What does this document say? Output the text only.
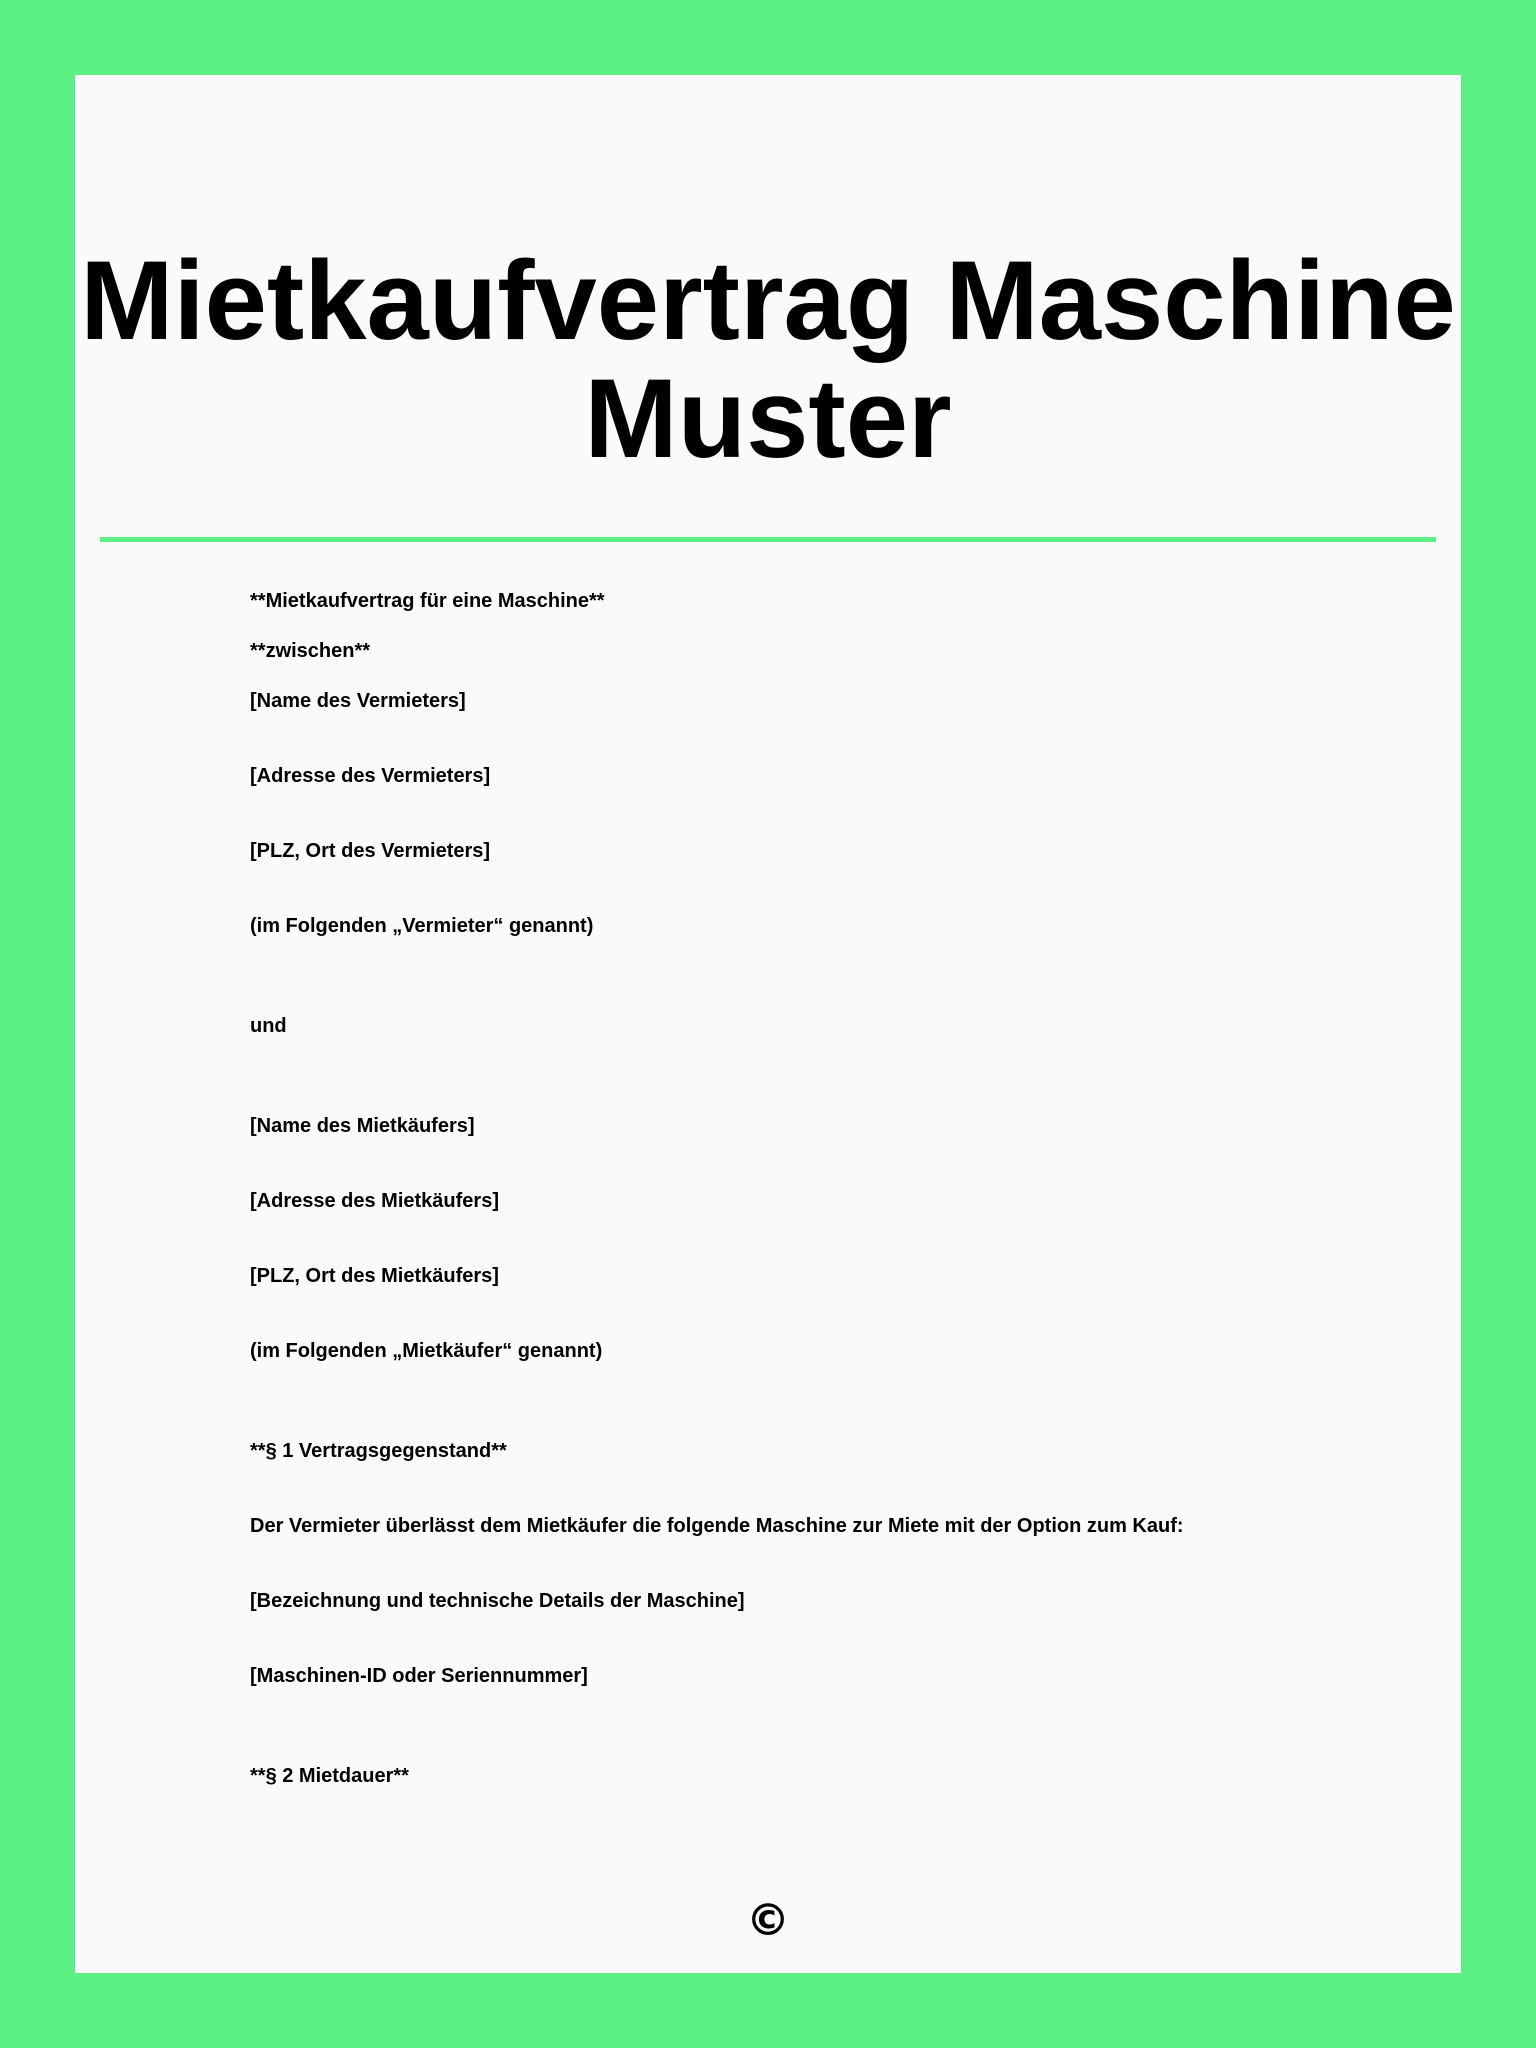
Mietkaufvertrag Maschine
Muster

**Mietkaufvertrag für eine Maschine**

**zwischen**

[Name des Vermieters]

[Adresse des Vermieters]

[PLZ, Ort des Vermieters]

(im Folgenden „Vermieter“ genannt)

und

[Name des Mietkäufers]

[Adresse des Mietkäufers]

[PLZ, Ort des Mietkäufers]

(im Folgenden „Mietkäufer“ genannt)

**§ 1 Vertragsgegenstand**

Der Vermieter überlässt dem Mietkäufer die folgende Maschine zur Miete mit der Option zum Kauf:

[Bezeichnung und technische Details der Maschine]

[Maschinen-ID oder Seriennummer]

**§ 2 Mietdauer**

©
